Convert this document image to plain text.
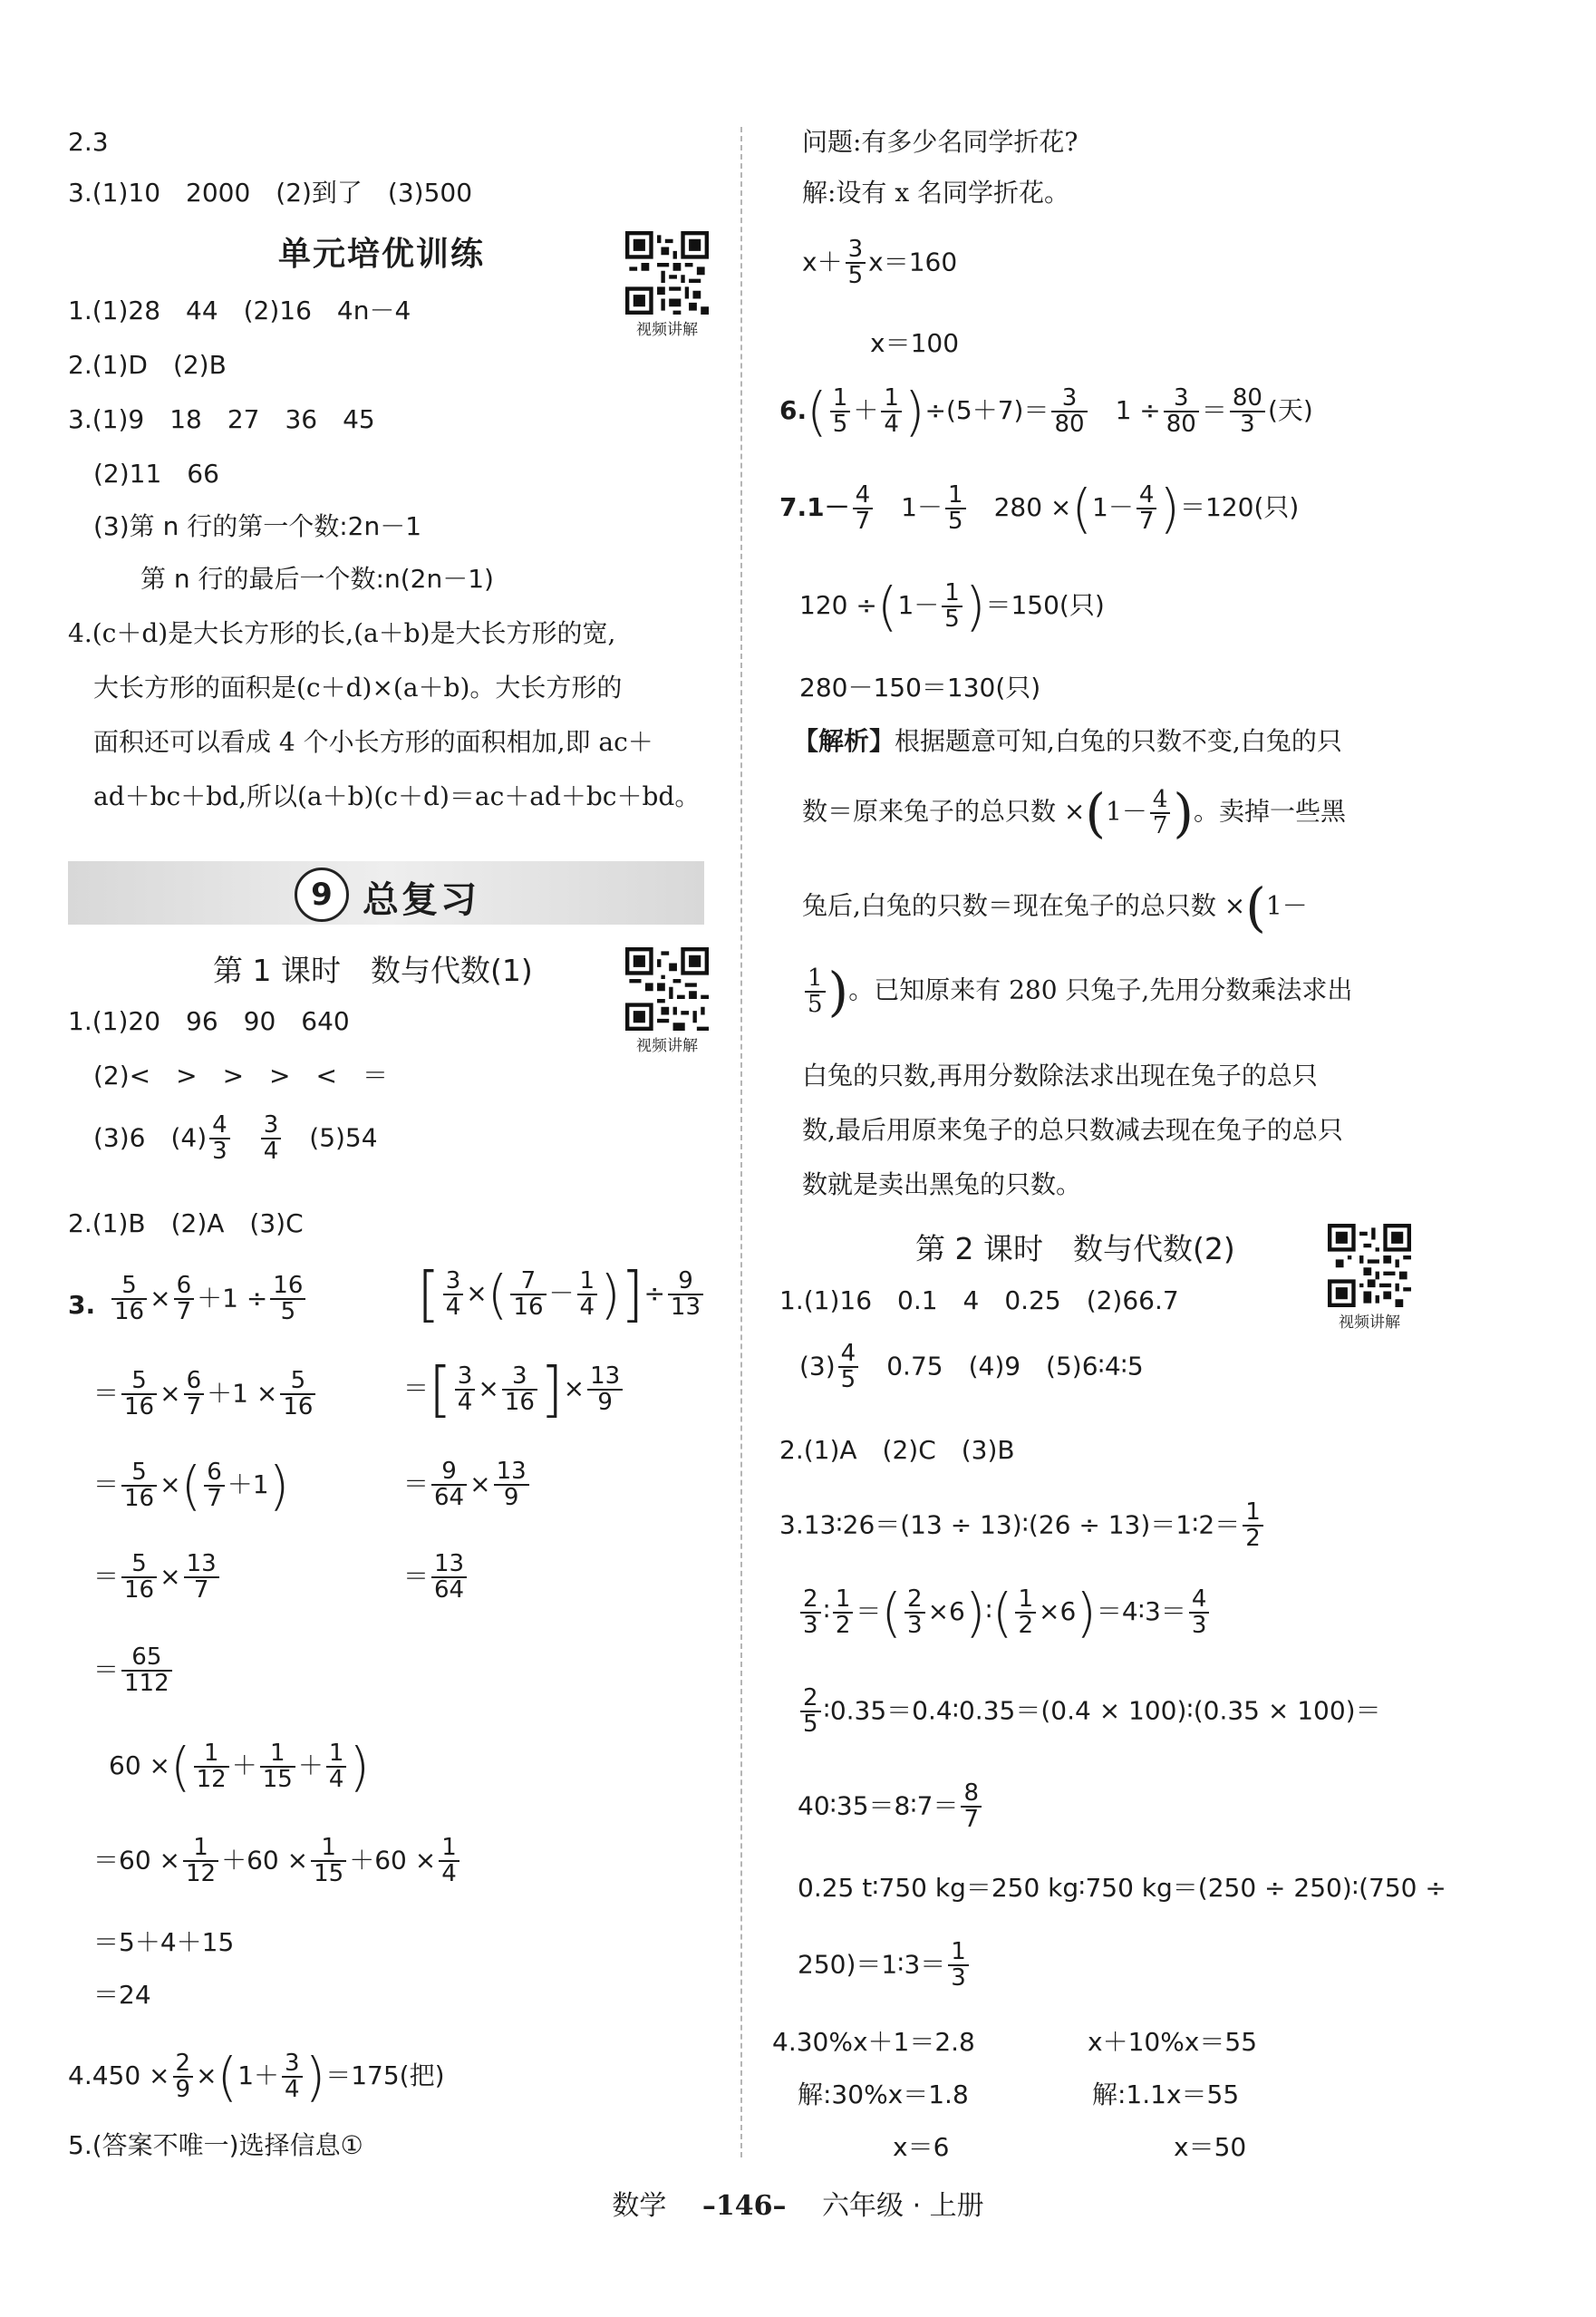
2.3
3.(1)10　2000　(2)到了　(3)500
单元培优训练
视频讲解
1.(1)28　44　(2)16　4n－4
2.(1)D　(2)B
3.(1)9　18　27　36　45
(2)11　66
(3)第 n 行的第一个数:2n－1
第 n 行的最后一个数:n(2n－1)
4.(c＋d)是大长方形的长,(a＋b)是大长方形的宽,
大长方形的面积是(c＋d)×(a＋b)。大长方形的
面积还可以看成 4 个小长方形的面积相加,即 ac＋
ad＋bc＋bd,所以(a＋b)(c＋d)＝ac＋ad＋bc＋bd。
9 总复习
第 1 课时　数与代数(1)
视频讲解
1.(1)20　96　90　640
(2)<　>　>　>　<　＝
(3)6　$(4) \frac{4}{3}$
　 $\frac{3}{4}$
　 (5)54
2.(1)B　(2)A　(3)C
3. $\frac{5}{16} \times \frac{6}{7} +1 \div \frac{16}{5}$
＝ $\frac{5}{16} \times \frac{6}{7} +1 \times \frac{5}{16}$
＝ $\frac{5}{16}$ ×( $\frac{6}{7} +1$)
＝ $\frac{5}{16} \times \frac{13}{7}$
＝ $\frac{65}{112}$
[ $\frac{3}{4}$ ×( $\frac{7}{16} - \frac{1}{4}$ )]÷ $\frac{9}{13}$
＝[ $\frac{3}{4} \times \frac{3}{16}$ ]× $\frac{13}{9}$
＝ $\frac{9}{64} \times \frac{13}{9}$
＝ $\frac{13}{64}$
60 ×( $\frac{1}{12} + \frac{1}{15} + \frac{1}{4}$ )
$=60 \times \frac{1}{12} +60 \times \frac{1}{15} +60 \times \frac{1}{4}$
＝5＋4＋15
＝24
$4.450 \times \frac{2}{9} \times(1+ \frac{3}{4} )=175$(把)
5.(答案不唯一)选择信息①
问题:有多少名同学折花?
解:设有 x 名同学折花。
$x+ \frac{3}{5} x=160$
x＝100
$6.( \frac{1}{5} + \frac{1}{4} )\div(5+7)= \frac{3}{80}$
　 $1 \div \frac{3}{80} = \frac{80}{3}$ (天)
$7.1- \frac{4}{7}$
　 $1- \frac{1}{5}$
　 $280 \times(1- \frac{4}{7} )=120$(只)
$120 \div(1- \frac{1}{5} )=150$(只)
280－150＝130(只)
【解析】根据题意可知,白兔的只数不变,白兔的只
数＝原来兔子的总只数 $\times(1- \frac{4}{7}$ )。卖掉一些黑
兔后,白兔的只数＝现在兔子的总只数 ×(1－
$\frac{1}{5}$ )。已知原来有 280 只兔子,先用分数乘法求出
白兔的只数,再用分数除法求出现在兔子的总只
数,最后用原来兔子的总只数减去现在兔子的总只
数就是卖出黑兔的只数。
第 2 课时　数与代数(2)
视频讲解
1.(1)16　0.1　4　0.25　(2)66.7
$(3) \frac{4}{5}$
　 0.75　(4)9　(5)6∶4∶5
2.(1)A　(2)C　(3)B
3.13∶26＝(13 ÷ 13)∶(26 ÷ 13)＝1∶2＝ $\frac{1}{2}$
$\frac{2}{3}$ ∶ $\frac{1}{2}$ ＝( $\frac{2}{3}$ ×6)∶( $\frac{1}{2}$ ×6)＝4∶3＝ $\frac{4}{3}$
$\frac{2}{5}$ ∶0.35＝0.4∶0.35＝(0.4 × 100)∶(0.35 × 100)＝
40∶35＝8∶7＝ $\frac{8}{7}$
0.25 t∶750 kg＝250 kg∶750 kg＝(250 ÷ 250)∶(750 ÷
250)＝1∶3＝ $\frac{1}{3}$
4.30%x＋1＝2.8	x＋10%x＝55
解:30%x＝1.8	解:1.1x＝55
x＝6	x＝50
数学 –146– 六年级 · 上册
